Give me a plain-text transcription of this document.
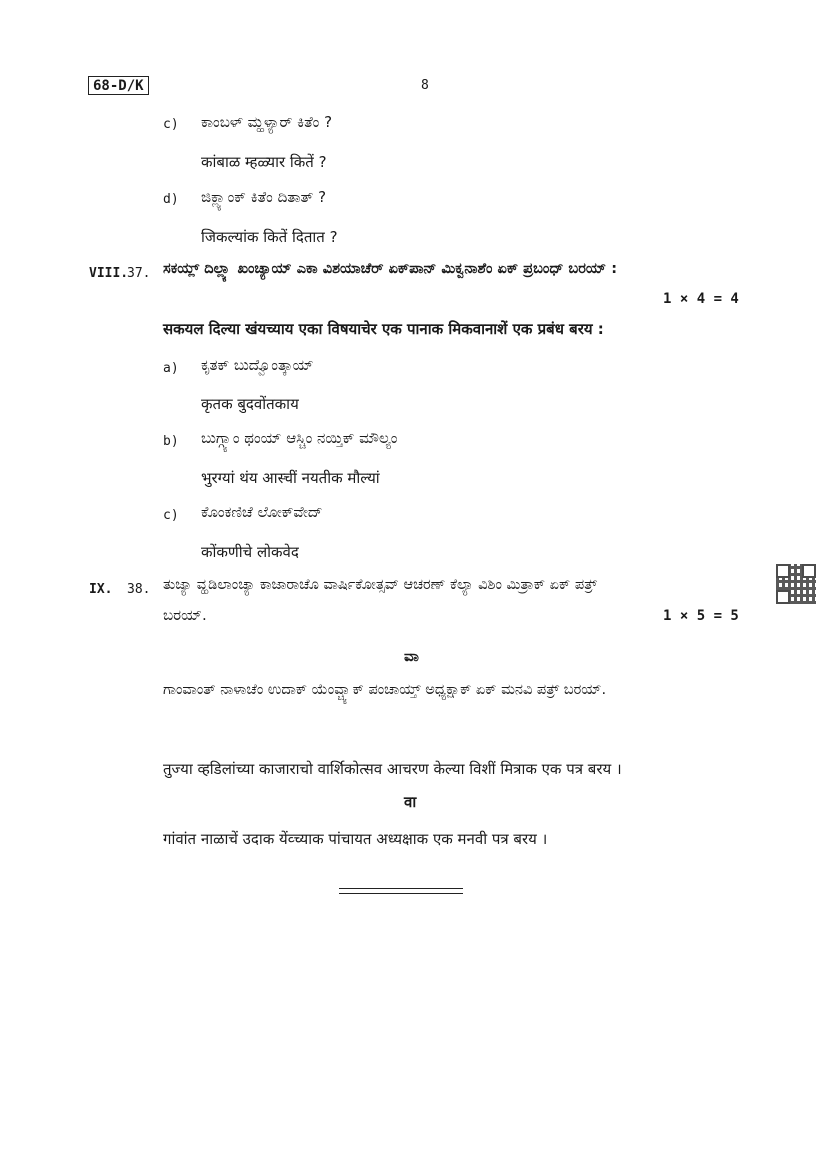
68-D/K	8
c) ಕಾಂಬಳ್ ಮ್ಹಳ್ಯಾರ್ ಕಿತೆಂ ?
कांबाळ म्हळ्यार कितें ?
d) ಜಿಕ್ಲ್ಯಾಂಕ್ ಕಿತೆಂ ದಿತಾತ್ ?
जिकल्यांक कितें दितात ?
VIII.
37. ಸಕಯ್ಲ್ ದಿಲ್ಲ್ಯಾ ಖಂಚ್ಯಾಯ್ ಎಕಾ ವಿಶಯಾಚೆರ್ ಏಕ್‌ಪಾನ್ ಮಿಕ್ವನಾಶೆಂ ಏಕ್ ಪ್ರಬಂಧ್ ಬರಯ್ :
1 × 4 = 4
सकयल दिल्या खंयच्याय एका विषयाचेर एक पानाक मिकवानाशें एक प्रबंध बरय :
a) ಕೃತಕ್ ಬುದ್ವೊಂತ್ಕಾಯ್
कृतक बुदवोंतकाय
b) ಬುಗ್ಗ್ಯಾಂ ಥಂಯ್ ಆಸ್ಚಿಂ ನಯ್ತಿಕ್ ಮೌಲ್ಯಂ
भुरग्यां थंय आस्चीं नयतीक मौल्यां
c) ಕೊಂಕಣಿಚೆ ಲೋಕ್‌ವೇದ್
कोंकणीचे लोकवेद
IX. 38. ತುಜ್ಯಾ ವ್ಹಡಿಲಾಂಚ್ಯಾ ಕಾಜಾರಾಚೊ ವಾರ್ಷಿಕೋತ್ಸವ್ ಆಚರಣ್ ಕೆಲ್ಯಾ ವಿಶಿಂ ಮಿತ್ರಾಕ್ ಏಕ್ ಪತ್ರ್
ಬರಯ್.	1 × 5 = 5
ವಾ
ಗಾಂವಾಂತ್ ನಾಳಾಚೆಂ ಉದಾಕ್ ಯೆಂವ್ಚ್ಯಾಕ್ ಪಂಚಾಯ್ತ್ ಅಧ್ಯಕ್ಷಾಕ್ ಏಕ್ ಮನವಿ ಪತ್ರ್ ಬರಯ್.
तुज्या व्हडिलांच्या काजाराचो वार्शिकोत्सव आचरण केल्या विशीं मित्राक एक पत्र बरय ।
वा
गांवांत नाळाचें उदाक येंव्च्याक पांचायत अध्यक्षाक एक मनवी पत्र बरय ।
